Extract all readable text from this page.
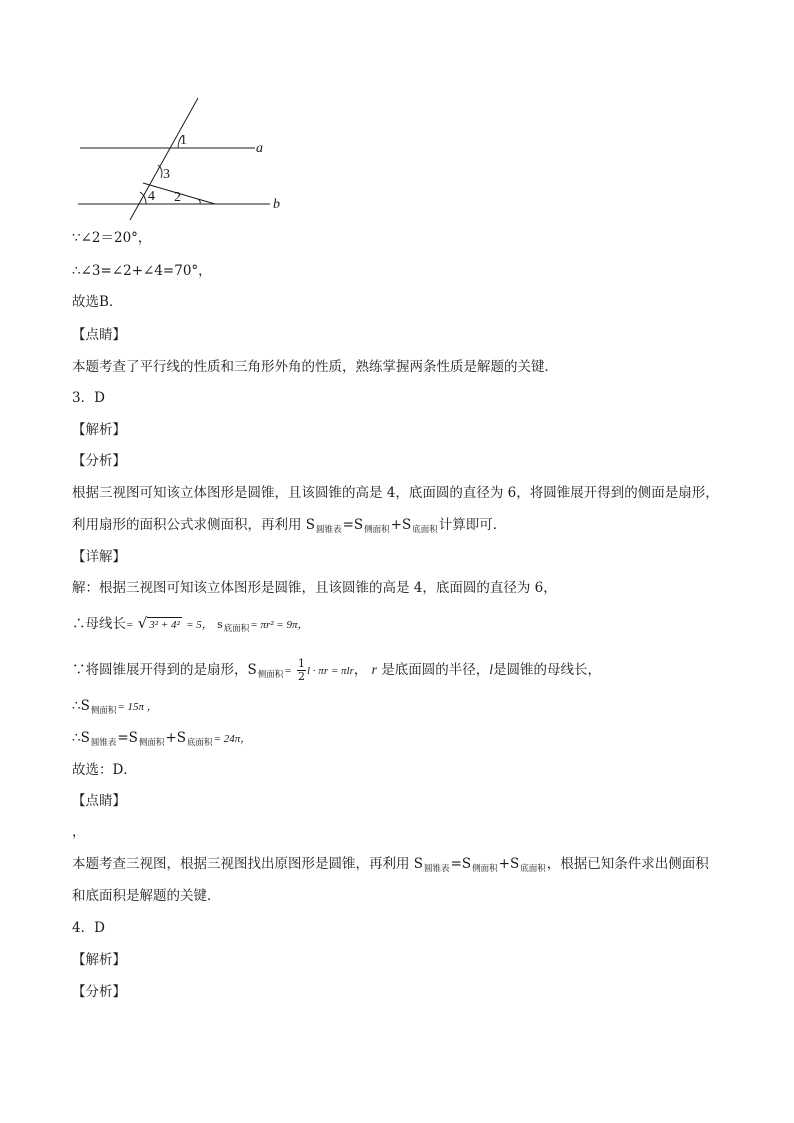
1
3
4 2
a
b
∵∠2＝20°，
∴∠3=∠2+∠4=70°，
故选B．
【点睛】
本题考查了平行线的性质和三角形外角的性质，熟练掌握两条性质是解题的关键．
3．D
【解析】
【分析】
根据三视图可知该立体图形是圆锥，且该圆锥的高是 4，底面圆的直径为 6，将圆锥展开得到的侧面是扇形，
利用扇形的面积公式求侧面积，再利用 $S_{圆锥表}=S_{侧面积}+S_{底面积}$计算即可．
【详解】
解：根据三视图可知该立体图形是圆锥，且该圆锥的高是 4，底面圆的直径为 6，
∴母线长= √ 3² + 4² = 5， $s_{底面积}= \pi r^2 = 9\pi$，
∵将圆锥展开得到的是扇形，$S_{侧面积}= \frac{1}{2}$ l · πr = πlr， r 是底面圆的半径，l是圆锥的母线长，
$\therefore S_{侧面积}= 15\pi$ ，
$\therefore S_{圆锥表}=S_{侧面积}+S_{底面积}= 24\pi$，
故选：D．
【点睛】
，
本题考查三视图，根据三视图找出原图形是圆锥，再利用 $S_{圆锥表}=S_{侧面积}+S_{底面积}$，根据已知条件求出侧面积
和底面积是解题的关键．
4．D
【解析】
【分析】
